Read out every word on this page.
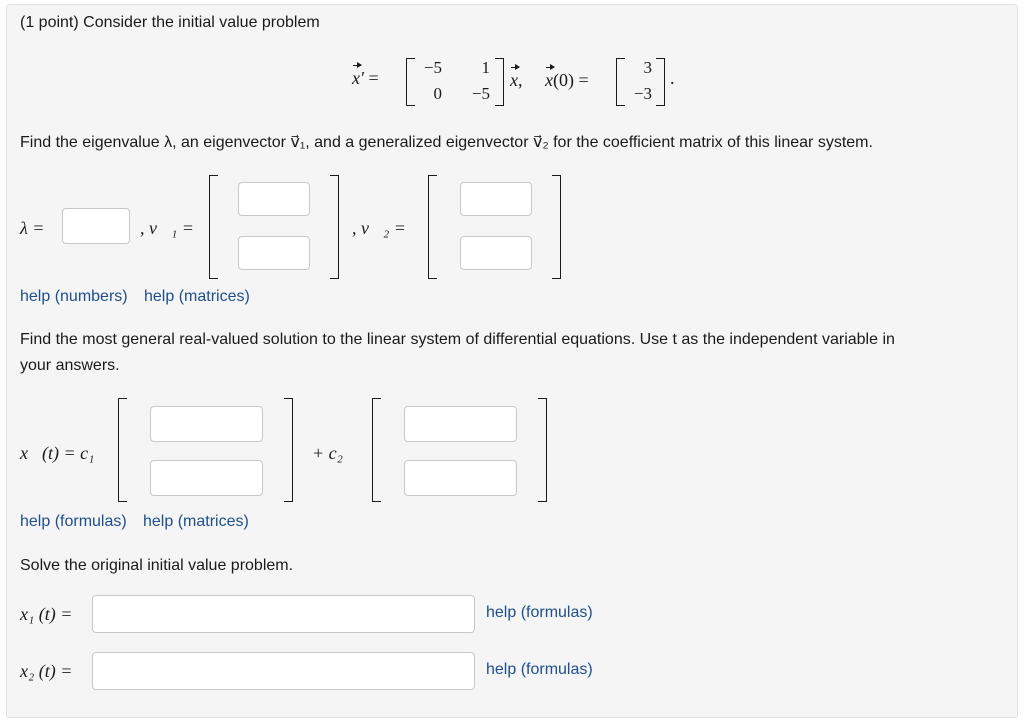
(1 point) Consider the initial value problem
x′ =
−5	1
0	−5
x, x(0) =
3
−3
.
Find the eigenvalue λ, an eigenvector v⃗₁, and a generalized eigenvector v⃗₂ for the coefficient matrix of this linear system.
λ =	, v⃗₁ =	, v⃗₂ =
help (numbers) help (matrices)
Find the most general real-valued solution to the linear system of differential equations. Use t as the independent variable in
your answers.
x⃗(t) = c₁	+ c₂
help (formulas) help (matrices)
Solve the original initial value problem.
x₁ (t) =	help (formulas)
x₂ (t) =	help (formulas)
